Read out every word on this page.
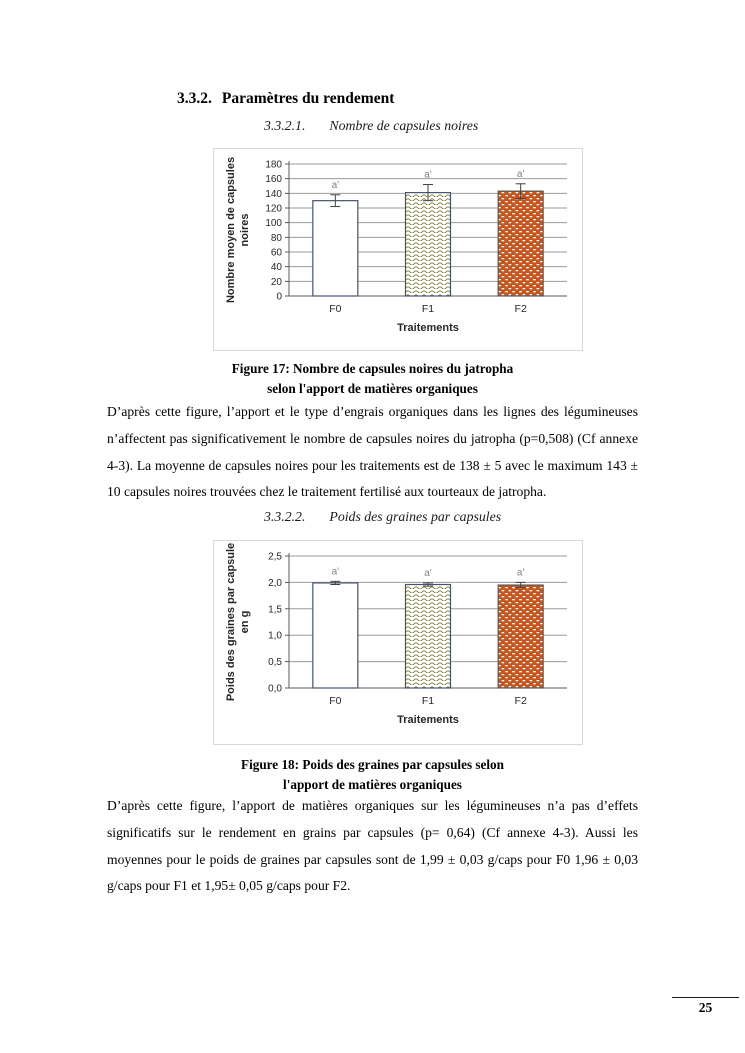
3.3.2. Paramètres du rendement
3.3.2.1. Nombre de capsules noires
0
20
40
60
80
100
120
140
160
180
a'
F0
a'
F1
a'
F2
Traitements
Nombre moyen de capsules noires
Figure 17: Nombre de capsules noires du jatropha
selon l'apport de matières organiques
D’après cette figure, l’apport et le type d’engrais organiques dans les lignes des légumineuses n’affectent pas significativement le nombre de capsules noires du jatropha (p=0,508) (Cf annexe 4-3). La moyenne de capsules noires pour les traitements est de 138 ± 5 avec le maximum 143 ± 10 capsules noires trouvées chez le traitement fertilisé aux tourteaux de jatropha.
3.3.2.2. Poids des graines par capsules
0,0
0,5
1,0
1,5
2,0
2,5
a'
F0
a'
F1
a'
F2
Traitements
Poids des graines par capsule en g
Figure 18: Poids des graines par capsules selon
l'apport de matières organiques
D’après cette figure, l’apport de matières organiques sur les légumineuses n’a pas d’effets significatifs sur le rendement en grains par capsules (p= 0,64) (Cf annexe 4-3). Aussi les moyennes pour le poids de graines par capsules sont de 1,99 ± 0,03 g/caps pour F0 1,96 ± 0,03 g/caps pour F1 et 1,95± 0,05 g/caps pour F2.
25
